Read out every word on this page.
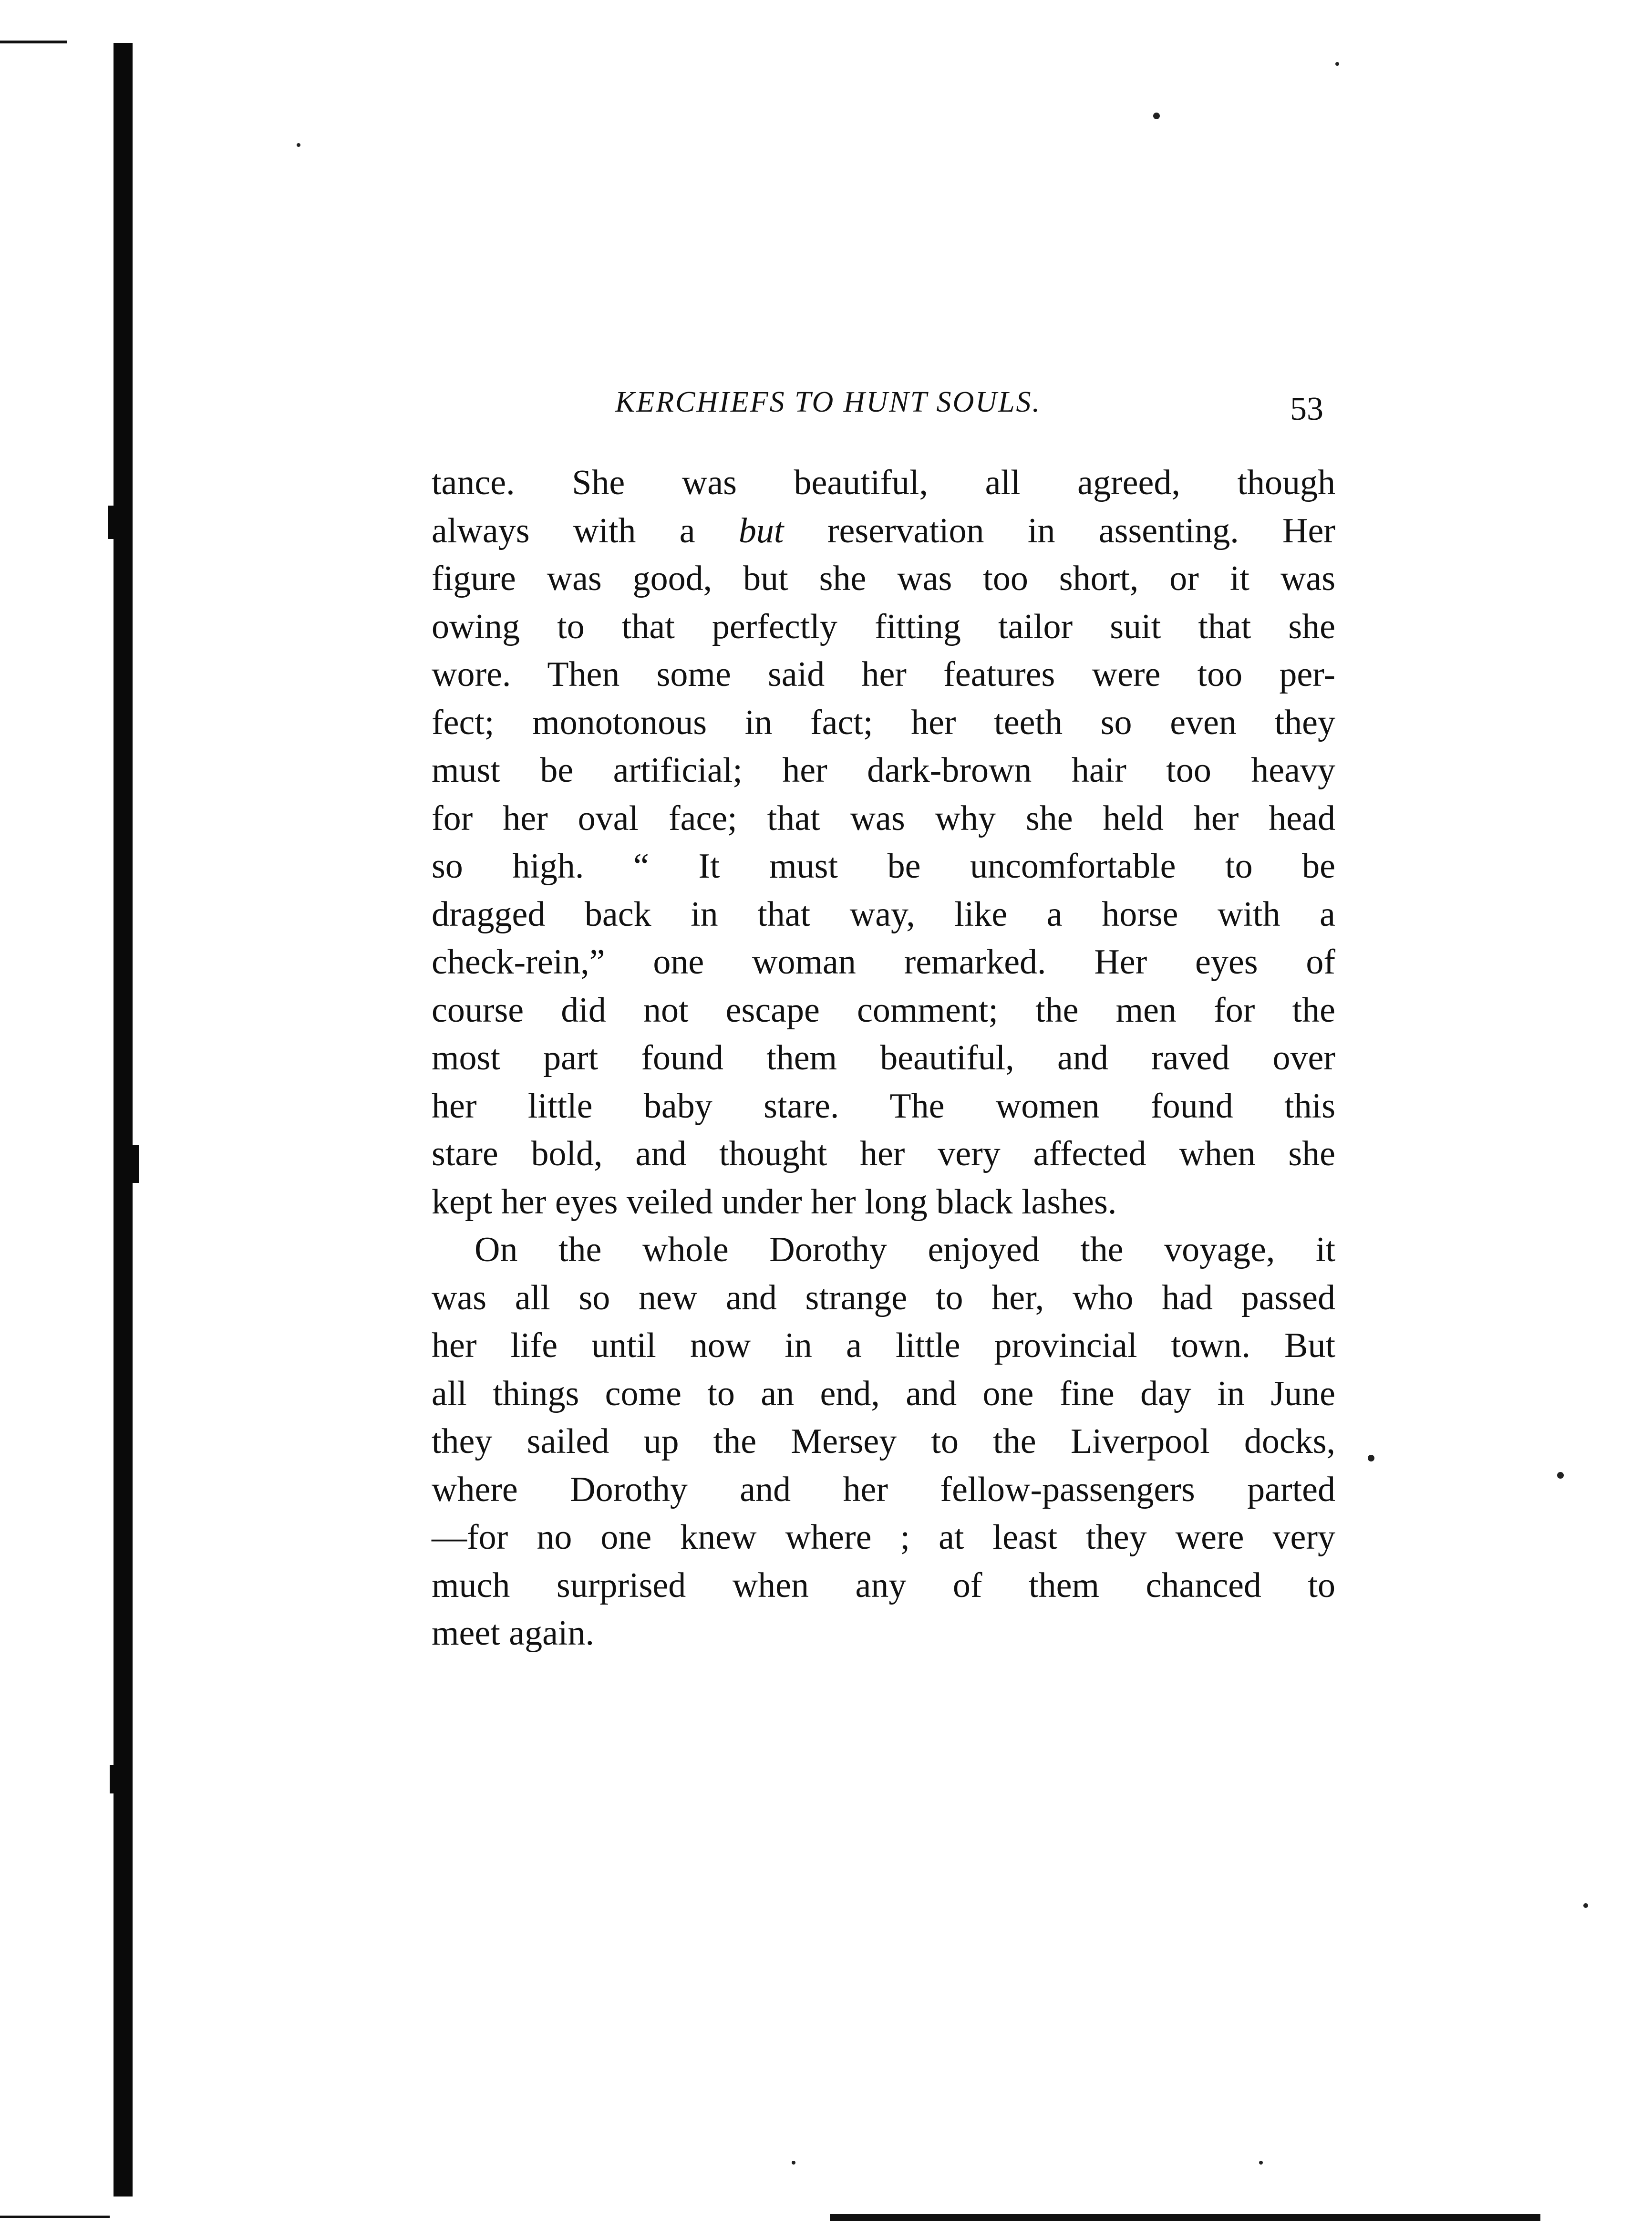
KERCHIEFS TO HUNT SOULS.	53
tance. She was beautiful, all agreed, though
always with a but reservation in assenting. Her
figure was good, but she was too short, or it was
owing to that perfectly fitting tailor suit that she
wore. Then some said her features were too per-
fect; monotonous in fact; her teeth so even they
must be artificial; her dark-brown hair too heavy
for her oval face; that was why she held her head
so high. “ It must be uncomfortable to be
dragged back in that way, like a horse with a
check-rein,” one woman remarked. Her eyes of
course did not escape comment; the men for the
most part found them beautiful, and raved over
her little baby stare. The women found this
stare bold, and thought her very affected when she
kept her eyes veiled under her long black lashes.
On the whole Dorothy enjoyed the voyage, it
was all so new and strange to her, who had passed
her life until now in a little provincial town. But
all things come to an end, and one fine day in June
they sailed up the Mersey to the Liverpool docks,
where Dorothy and her fellow-passengers parted
—for no one knew where ; at least they were very
much surprised when any of them chanced to
meet again.
